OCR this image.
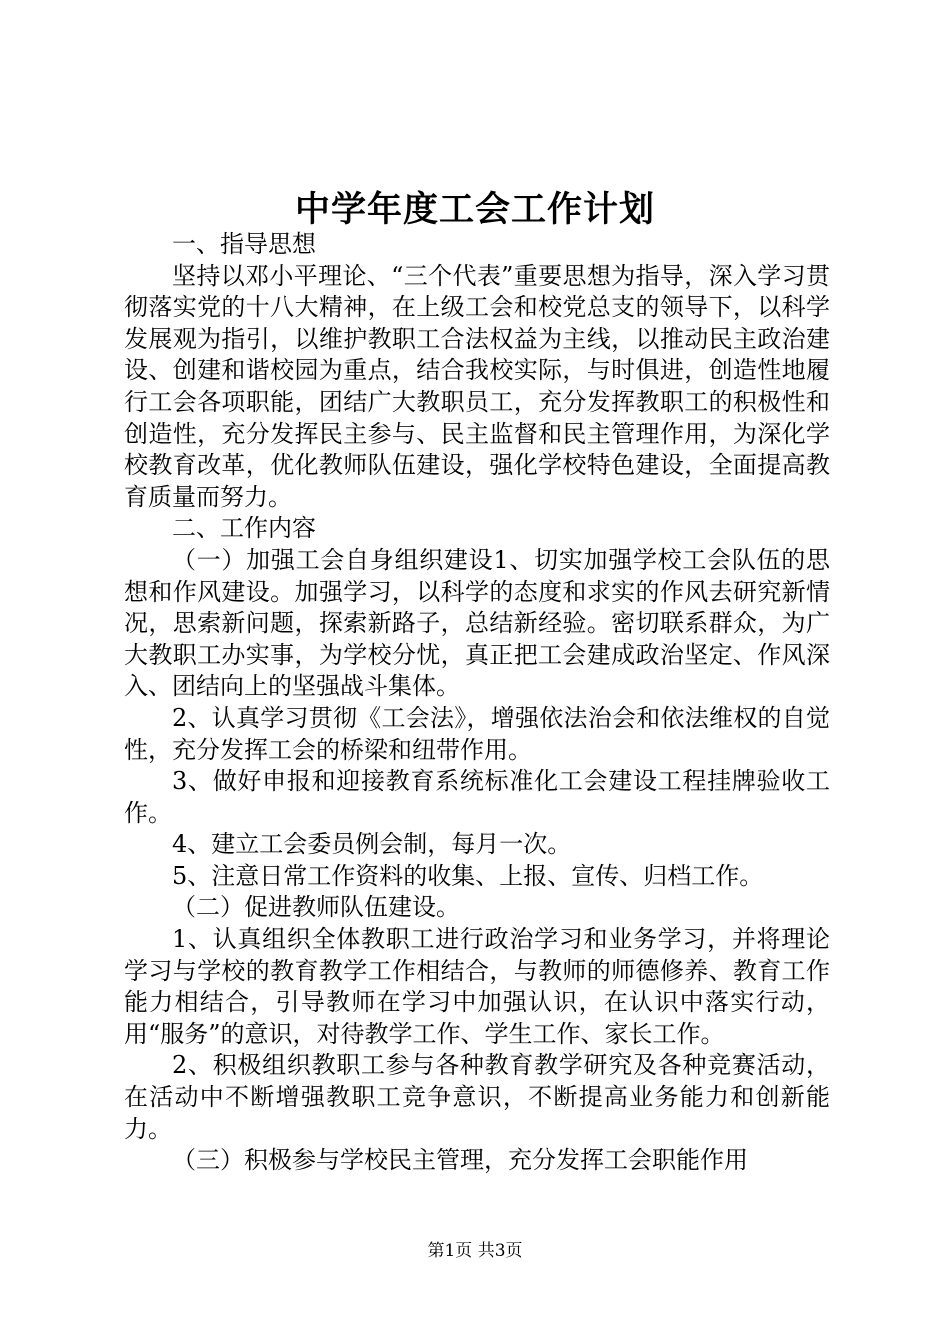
中学年度工会工作计划

一、指导思想

坚持以邓小平理论、“三个代表”重要思想为指导，深入学习贯彻落实党的十八大精神，在上级工会和校党总支的领导下，以科学发展观为指引，以维护教职工合法权益为主线，以推动民主政治建设、创建和谐校园为重点，结合我校实际，与时俱进，创造性地履行工会各项职能，团结广大教职员工，充分发挥教职工的积极性和创造性，充分发挥民主参与、民主监督和民主管理作用，为深化学校教育改革，优化教师队伍建设，强化学校特色建设，全面提高教育质量而努力。

二、工作内容

（一）加强工会自身组织建设1、切实加强学校工会队伍的思想和作风建设。加强学习，以科学的态度和求实的作风去研究新情况，思索新问题，探索新路子，总结新经验。密切联系群众，为广大教职工办实事，为学校分忧，真正把工会建成政治坚定、作风深入、团结向上的坚强战斗集体。

2、认真学习贯彻《工会法》，增强依法治会和依法维权的自觉性，充分发挥工会的桥梁和纽带作用。

3、做好申报和迎接教育系统标准化工会建设工程挂牌验收工作。

4、建立工会委员例会制，每月一次。

5、注意日常工作资料的收集、上报、宣传、归档工作。

（二）促进教师队伍建设。

1、认真组织全体教职工进行政治学习和业务学习，并将理论学习与学校的教育教学工作相结合，与教师的师德修养、教育工作能力相结合，引导教师在学习中加强认识，在认识中落实行动，用“服务”的意识，对待教学工作、学生工作、家长工作。

2、积极组织教职工参与各种教育教学研究及各种竞赛活动，在活动中不断增强教职工竞争意识，不断提高业务能力和创新能力。

（三）积极参与学校民主管理，充分发挥工会职能作用

第1页 共3页
